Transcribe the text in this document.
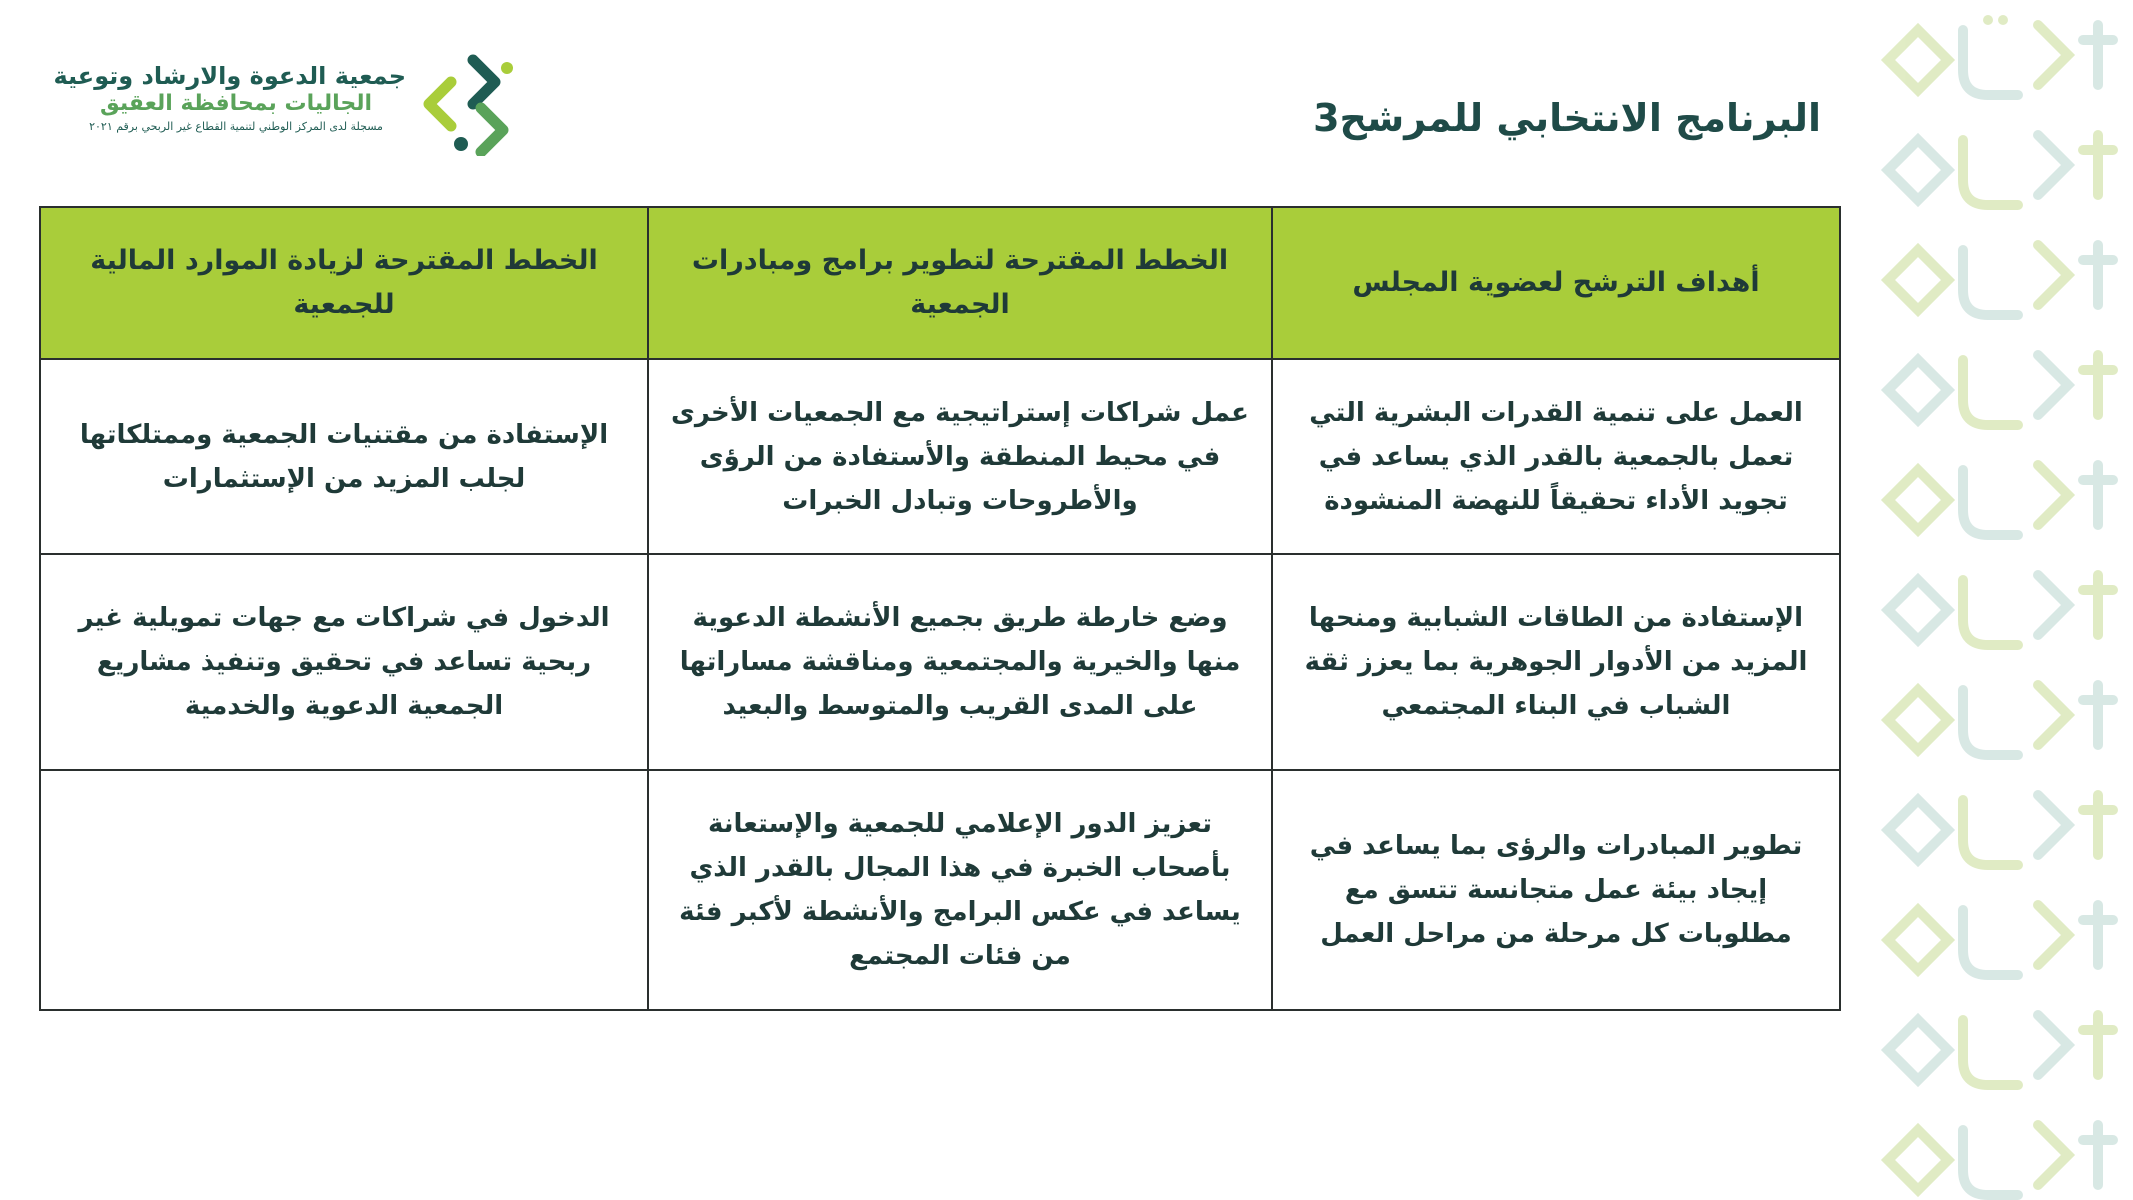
جمعية الدعوة والارشاد وتوعية
الجاليات بمحافظة العقيق
مسجلة لدى المركز الوطني لتنمية القطاع غير الربحي برقم ٢٠٢١	البرنامج الانتخابي للمرشح3
أهداف الترشح لعضوية المجلس	الخطط المقترحة لتطوير برامج ومبادرات الجمعية	الخطط المقترحة لزيادة الموارد المالية للجمعية
العمل على تنمية القدرات البشرية التي تعمل بالجمعية بالقدر الذي يساعد في تجويد الأداء تحقيقاً للنهضة المنشودة	عمل شراكات إستراتيجية مع الجمعيات الأخرى في محيط المنطقة والأستفادة من الرؤى والأطروحات وتبادل الخبرات	الإستفادة من مقتنيات الجمعية وممتلكاتها لجلب المزيد من الإستثمارات
الإستفادة من الطاقات الشبابية ومنحها المزيد من الأدوار الجوهرية بما يعزز ثقة الشباب في البناء المجتمعي	وضع خارطة طريق بجميع الأنشطة الدعوية منها والخيرية والمجتمعية ومناقشة مساراتها على المدى القريب والمتوسط والبعيد	الدخول في شراكات مع جهات تمويلية غير ربحية تساعد في تحقيق وتنفيذ مشاريع الجمعية الدعوية والخدمية
تطوير المبادرات والرؤى بما يساعد في إيجاد بيئة عمل متجانسة تتسق مع مطلوبات كل مرحلة من مراحل العمل	تعزيز الدور الإعلامي للجمعية والإستعانة بأصحاب الخبرة في هذا المجال بالقدر الذي يساعد في عكس البرامج والأنشطة لأكبر فئة من فئات المجتمع	
